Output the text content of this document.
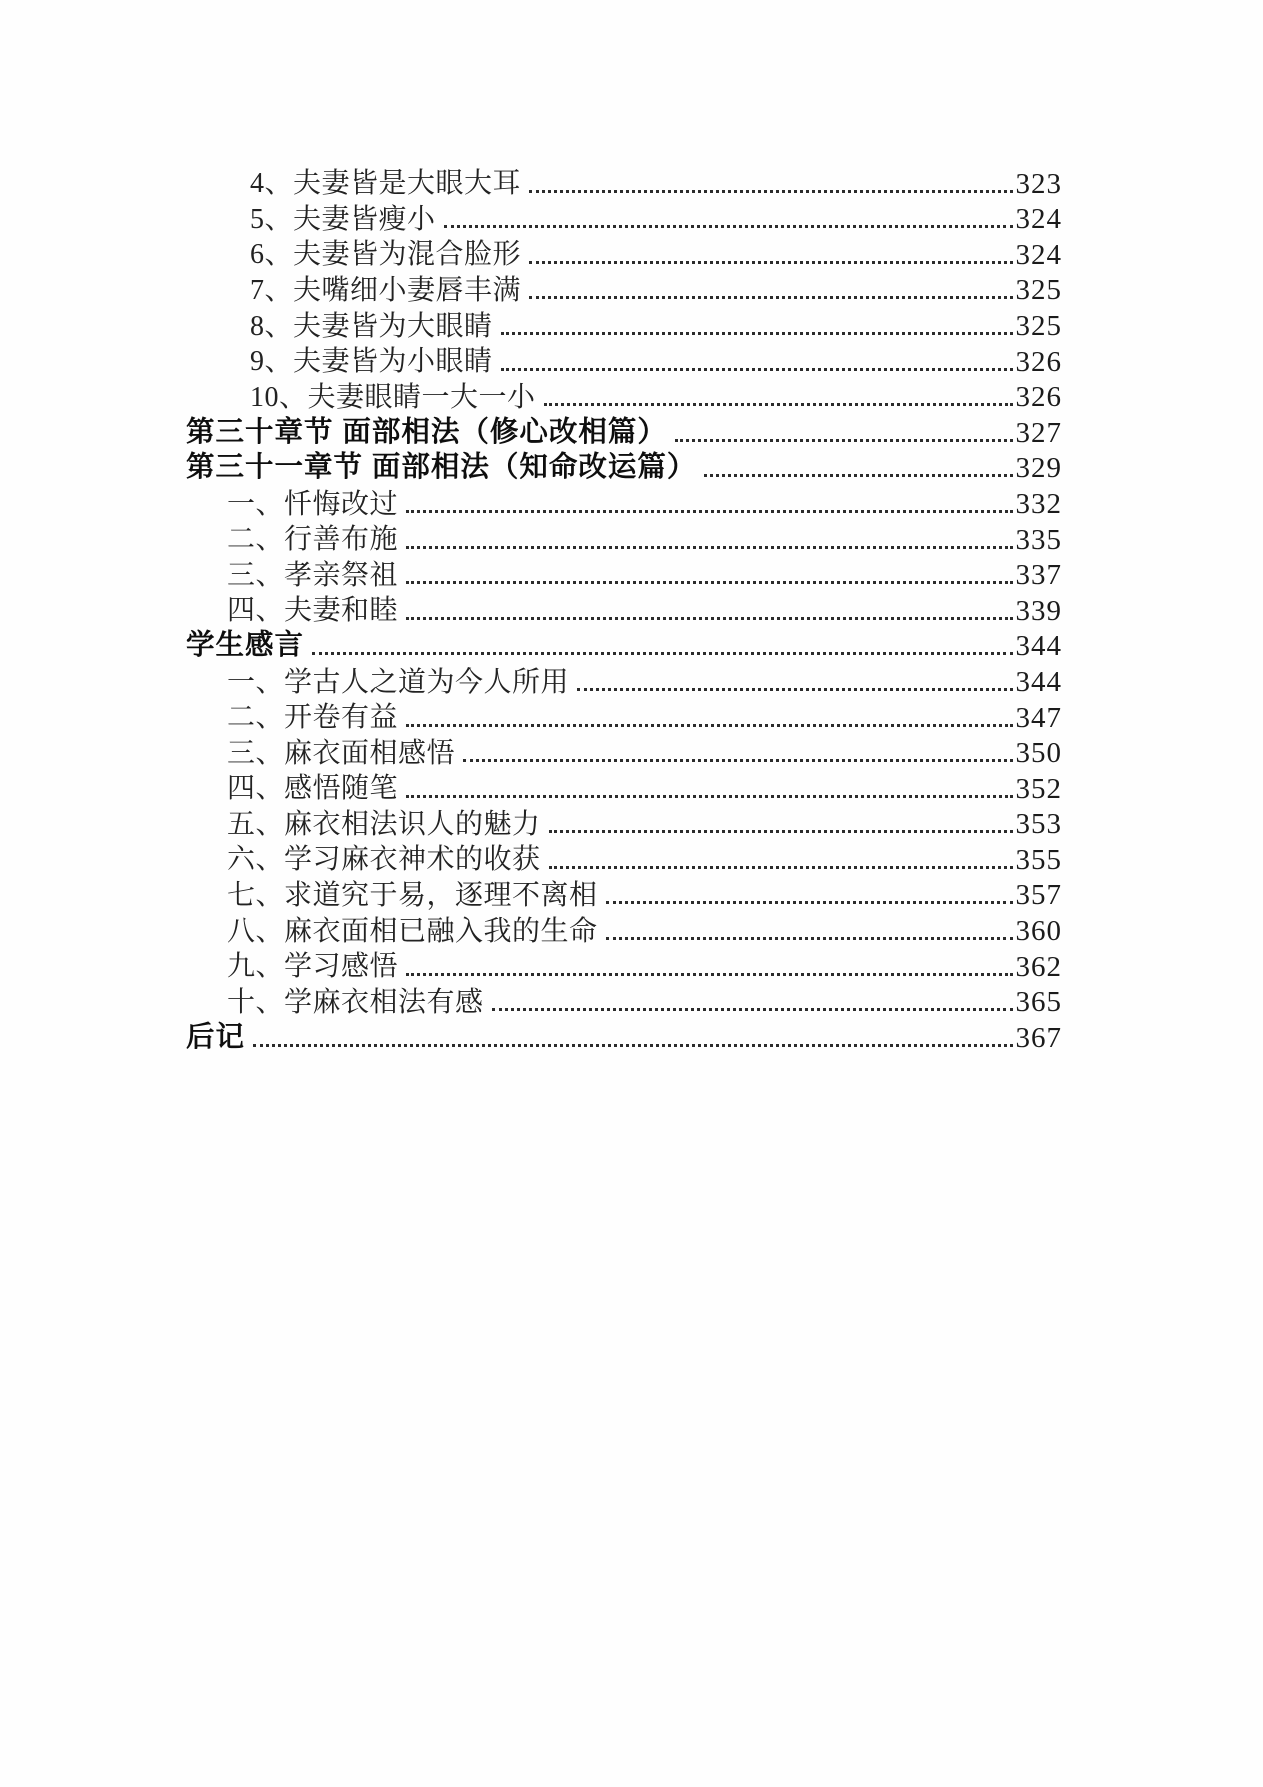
4、夫妻皆是大眼大耳	323
5、夫妻皆瘦小	324
6、夫妻皆为混合脸形	324
7、夫嘴细小妻唇丰满	325
8、夫妻皆为大眼睛	325
9、夫妻皆为小眼睛	326
10、夫妻眼睛一大一小	326
第三十章节 面部相法（修心改相篇）	327
第三十一章节 面部相法（知命改运篇）	329
一、忏悔改过	332
二、行善布施	335
三、孝亲祭祖	337
四、夫妻和睦	339
学生感言	344
一、学古人之道为今人所用	344
二、开卷有益	347
三、麻衣面相感悟	350
四、感悟随笔	352
五、麻衣相法识人的魅力	353
六、学习麻衣神术的收获	355
七、求道究于易，逐理不离相	357
八、麻衣面相已融入我的生命	360
九、学习感悟	362
十、学麻衣相法有感	365
后记	367
